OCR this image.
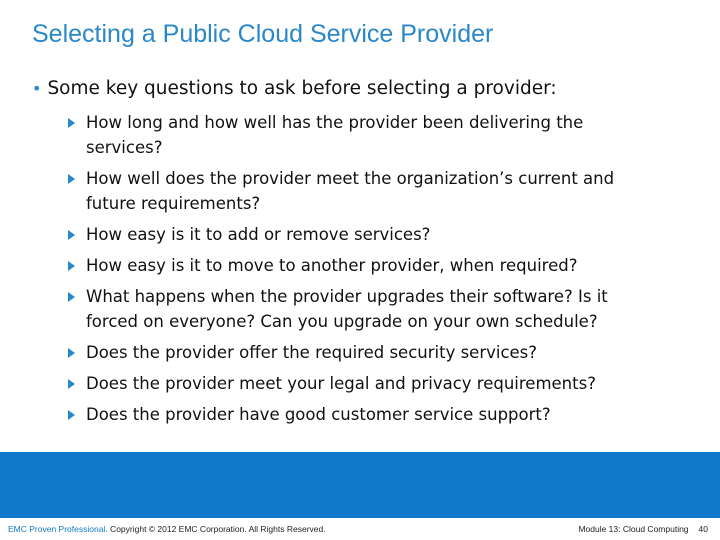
Selecting a Public Cloud Service Provider
• Some key questions to ask before selecting a provider:
How long and how well has the provider been delivering the services?
How well does the provider meet the organization’s current and future requirements?
How easy is it to add or remove services?
How easy is it to move to another provider, when required?
What happens when the provider upgrades their software? Is it forced on everyone? Can you upgrade on your own schedule?
Does the provider offer the required security services?
Does the provider meet your legal and privacy requirements?
Does the provider have good customer service support?
EMC Proven Professional. Copyright © 2012 EMC Corporation. All Rights Reserved.	Module 13: Cloud Computing 40
